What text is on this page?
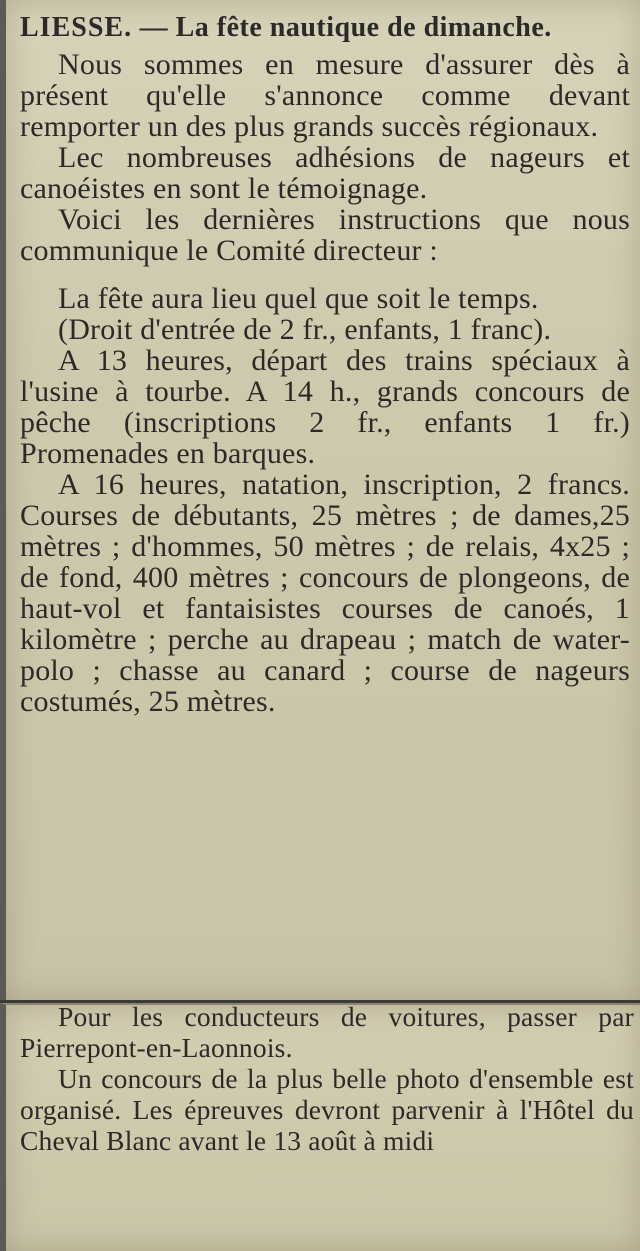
LIESSE. — La fête nautique de dimanche.

Nous sommes en mesure d'assurer dès à présent qu'elle s'annonce comme devant remporter un des plus grands succès régionaux.

Lec nombreuses adhésions de nageurs et canoéistes en sont le témoignage.

Voici les dernières instructions que nous communique le Comité directeur :

La fête aura lieu quel que soit le temps.

(Droit d'entrée de 2 fr., enfants, 1 franc).

A 13 heures, départ des trains spéciaux à l'usine à tourbe. A 14 h., grands concours de pêche (inscriptions 2 fr., enfants 1 fr.) Promenades en barques.

A 16 heures, natation, inscription, 2 francs. Courses de débutants, 25 mètres ; de dames,25 mètres ; d'hommes, 50 mètres ; de relais, 4x25 ; de fond, 400 mètres ; concours de plongeons, de haut-vol et fantaisistes courses de canoés, 1 kilomètre ; perche au drapeau ; match de water-polo ; chasse au canard ; course de nageurs costumés, 25 mètres.

Pour les conducteurs de voitures, passer par Pierrepont-en-Laonnois.

Un concours de la plus belle photo d'ensemble est organisé. Les épreuves devront parvenir à l'Hôtel du Cheval Blanc avant le 13 août à midi
